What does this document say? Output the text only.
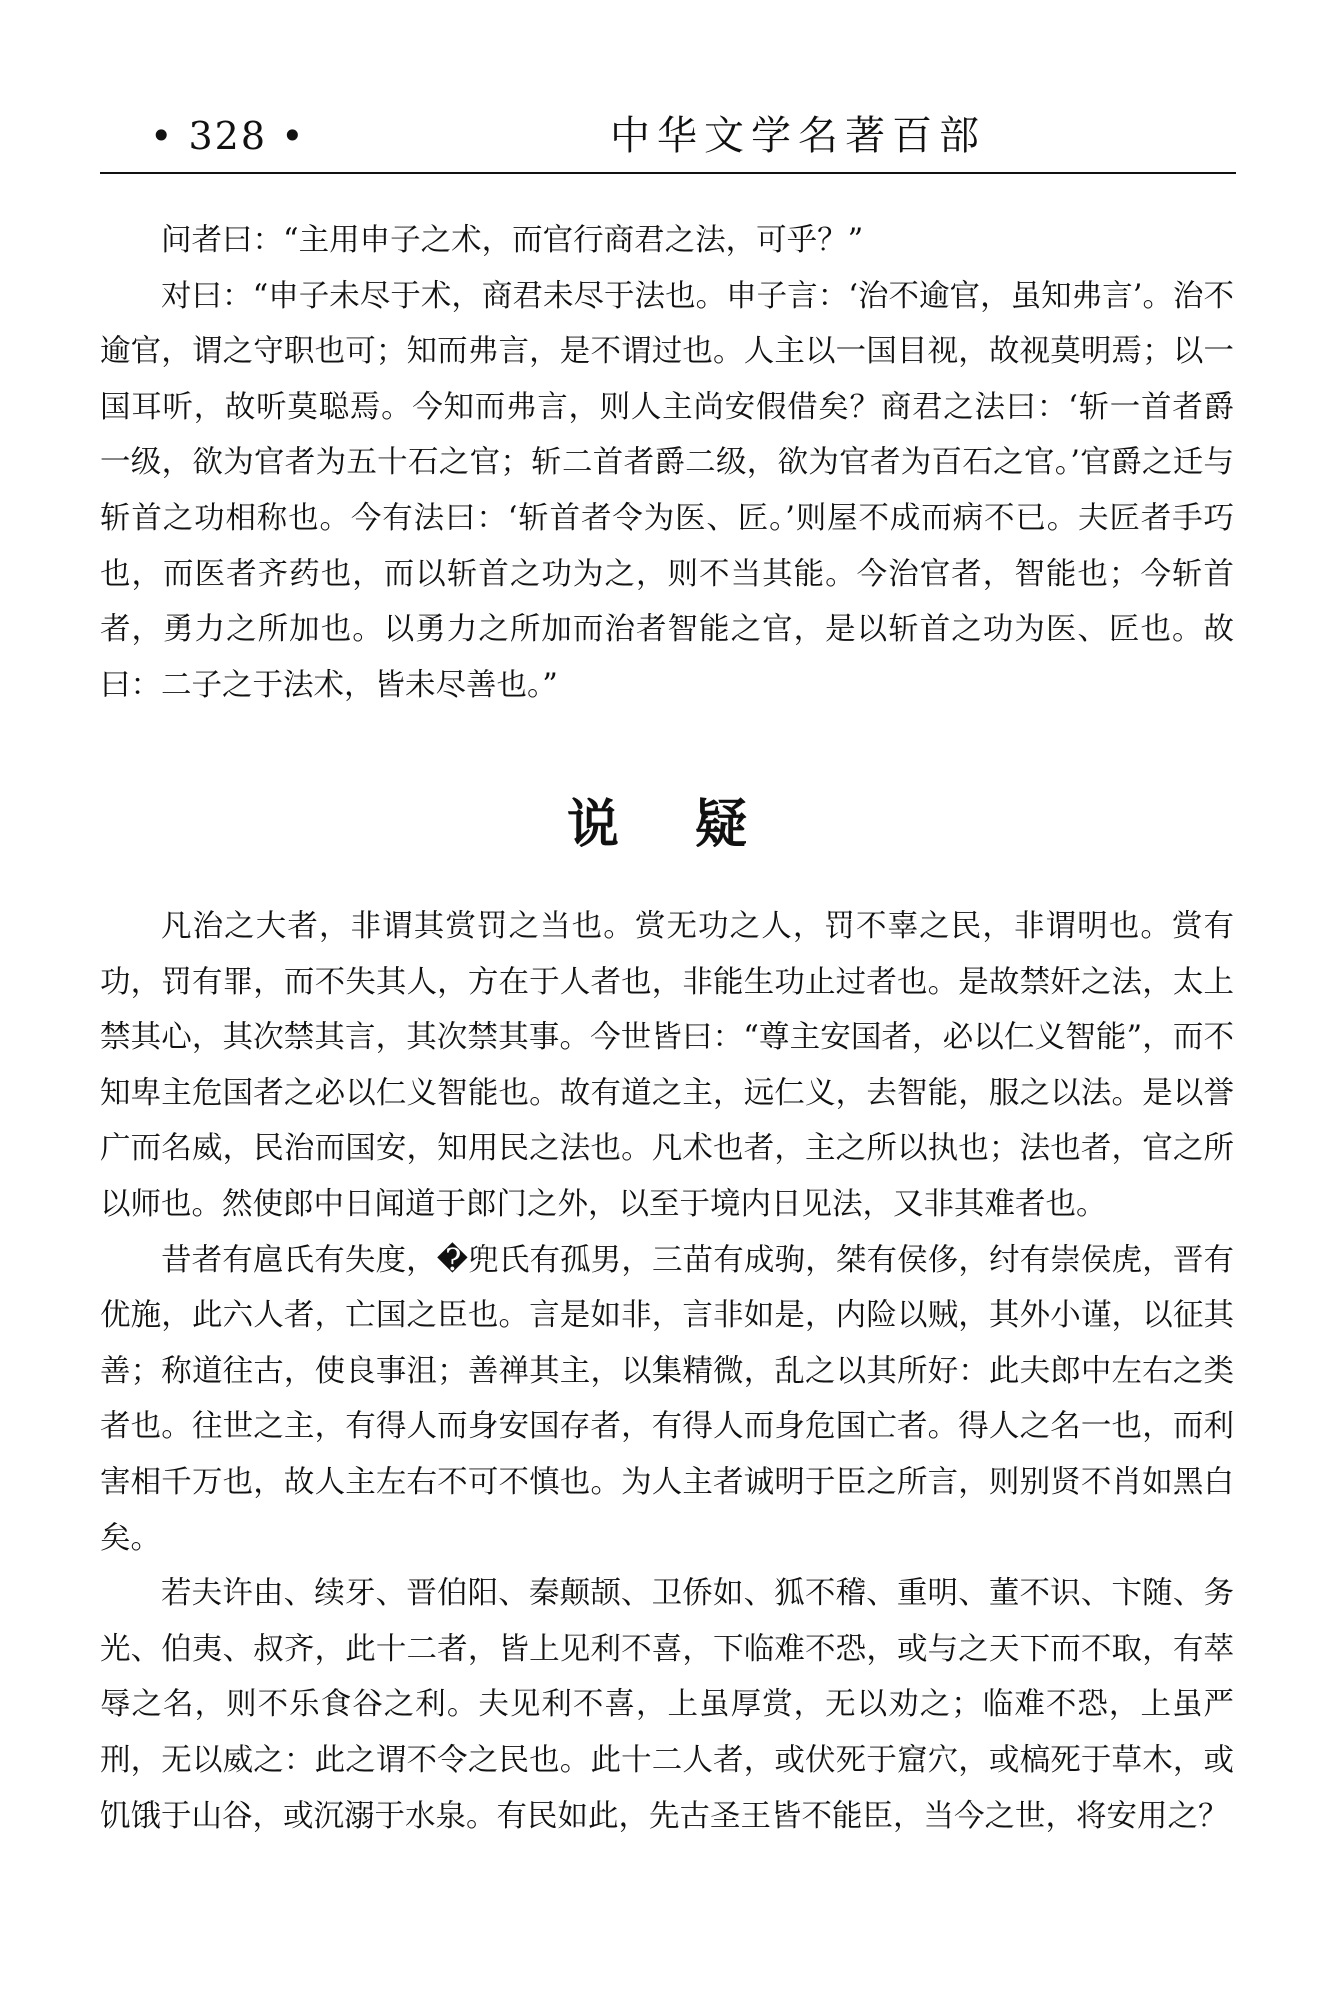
• 328 •	中华文学名著百部

问者曰：“主用申子之术，而官行商君之法，可乎？”

对曰：“申子未尽于术，商君未尽于法也。申子言：‘治不逾官，虽知弗言’。治不逾官，谓之守职也可；知而弗言，是不谓过也。人主以一国目视，故视莫明焉；以一国耳听，故听莫聪焉。今知而弗言，则人主尚安假借矣？商君之法曰：‘斩一首者爵一级，欲为官者为五十石之官；斩二首者爵二级，欲为官者为百石之官。’官爵之迁与斩首之功相称也。今有法曰：‘斩首者令为医、匠。’则屋不成而病不已。夫匠者手巧也，而医者齐药也，而以斩首之功为之，则不当其能。今治官者，智能也；今斩首者，勇力之所加也。以勇力之所加而治者智能之官，是以斩首之功为医、匠也。故曰：二子之于法术，皆未尽善也。”

说 疑

凡治之大者，非谓其赏罚之当也。赏无功之人，罚不辜之民，非谓明也。赏有功，罚有罪，而不失其人，方在于人者也，非能生功止过者也。是故禁奸之法，太上禁其心，其次禁其言，其次禁其事。今世皆曰：“尊主安国者，必以仁义智能”，而不知卑主危国者之必以仁义智能也。故有道之主，远仁义，去智能，服之以法。是以誉广而名威，民治而国安，知用民之法也。凡术也者，主之所以执也；法也者，官之所以师也。然使郎中日闻道于郎门之外，以至于境内日见法，又非其难者也。

昔者有扈氏有失度，�兜氏有孤男，三苗有成驹，桀有侯侈，纣有崇侯虎，晋有优施，此六人者，亡国之臣也。言是如非，言非如是，内险以贼，其外小谨，以征其善；称道往古，使良事沮；善禅其主，以集精微，乱之以其所好：此夫郎中左右之类者也。往世之主，有得人而身安国存者，有得人而身危国亡者。得人之名一也，而利害相千万也，故人主左右不可不慎也。为人主者诚明于臣之所言，则别贤不肖如黑白矣。

若夫许由、续牙、晋伯阳、秦颠颉、卫侨如、狐不稽、重明、董不识、卞随、务光、伯夷、叔齐，此十二者，皆上见利不喜，下临难不恐，或与之天下而不取，有萃辱之名，则不乐食谷之利。夫见利不喜，上虽厚赏，无以劝之；临难不恐，上虽严刑，无以威之：此之谓不令之民也。此十二人者，或伏死于窟穴，或槁死于草木，或饥饿于山谷，或沉溺于水泉。有民如此，先古圣王皆不能臣，当今之世，将安用之？
